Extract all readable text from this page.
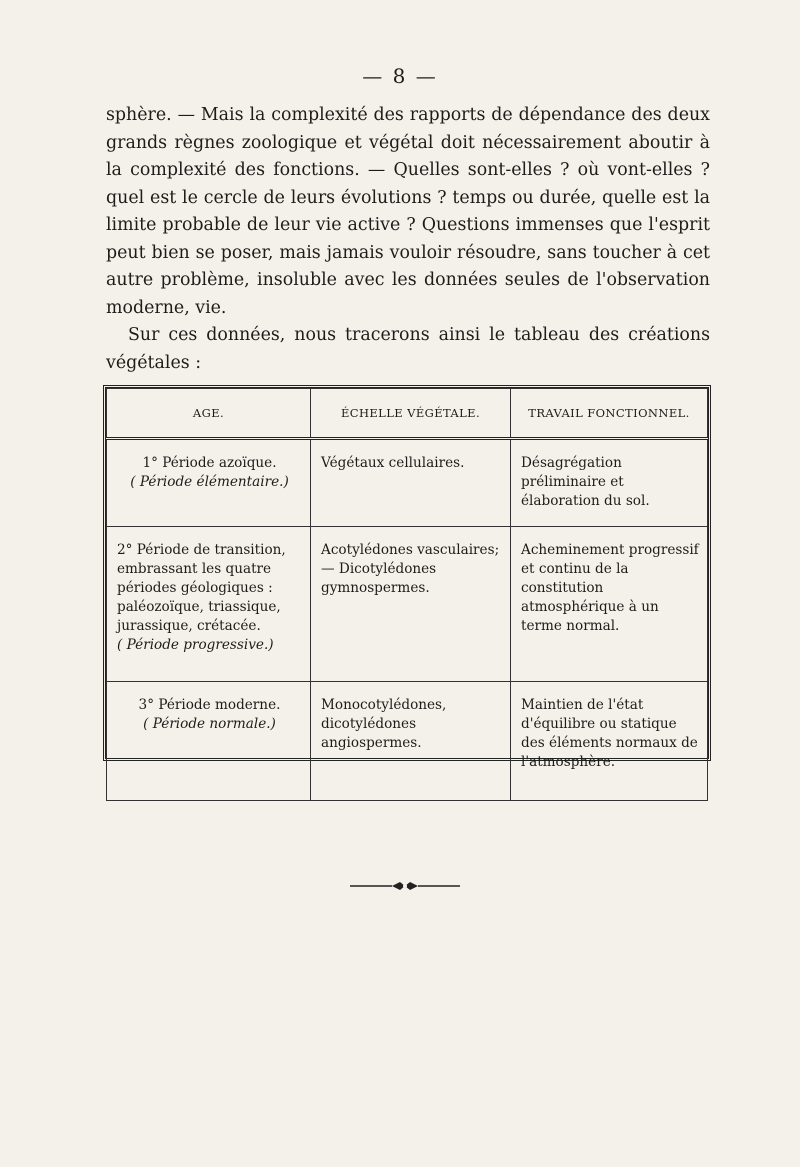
— 8 —

sphère. — Mais la complexité des rapports de dépendance des deux grands règnes zoologique et végétal doit nécessairement aboutir à la complexité des fonctions. — Quelles sont-elles ? où vont-elles ? quel est le cercle de leurs évolutions ? temps ou durée, quelle est la limite probable de leur vie active ? Questions immenses que l'esprit peut bien se poser, mais jamais vouloir résoudre, sans toucher à cet autre problème, insoluble avec les données seules de l'observation moderne, vie.

Sur ces données, nous tracerons ainsi le tableau des créations végétales :

AGE.	ÉCHELLE VÉGÉTALE.	TRAVAIL FONCTIONNEL.

1° Période azoïque.
( Période élémentaire.)	Végétaux cellulaires.	Désagrégation préliminaire et élaboration du sol.

2° Période de transition, embrassant les quatre périodes géologiques : paléozoïque, triassique, jurassique, crétacée.
( Période progressive.)	Acotylédones vasculaires; — Dicotylédones gymnospermes.	Acheminement progressif et continu de la constitution atmosphérique à un terme normal.

3° Période moderne.
( Période normale.)	Monocotylédones, dicotylédones angiospermes.	Maintien de l'état d'équilibre ou statique des éléments normaux de l'atmosphère.
